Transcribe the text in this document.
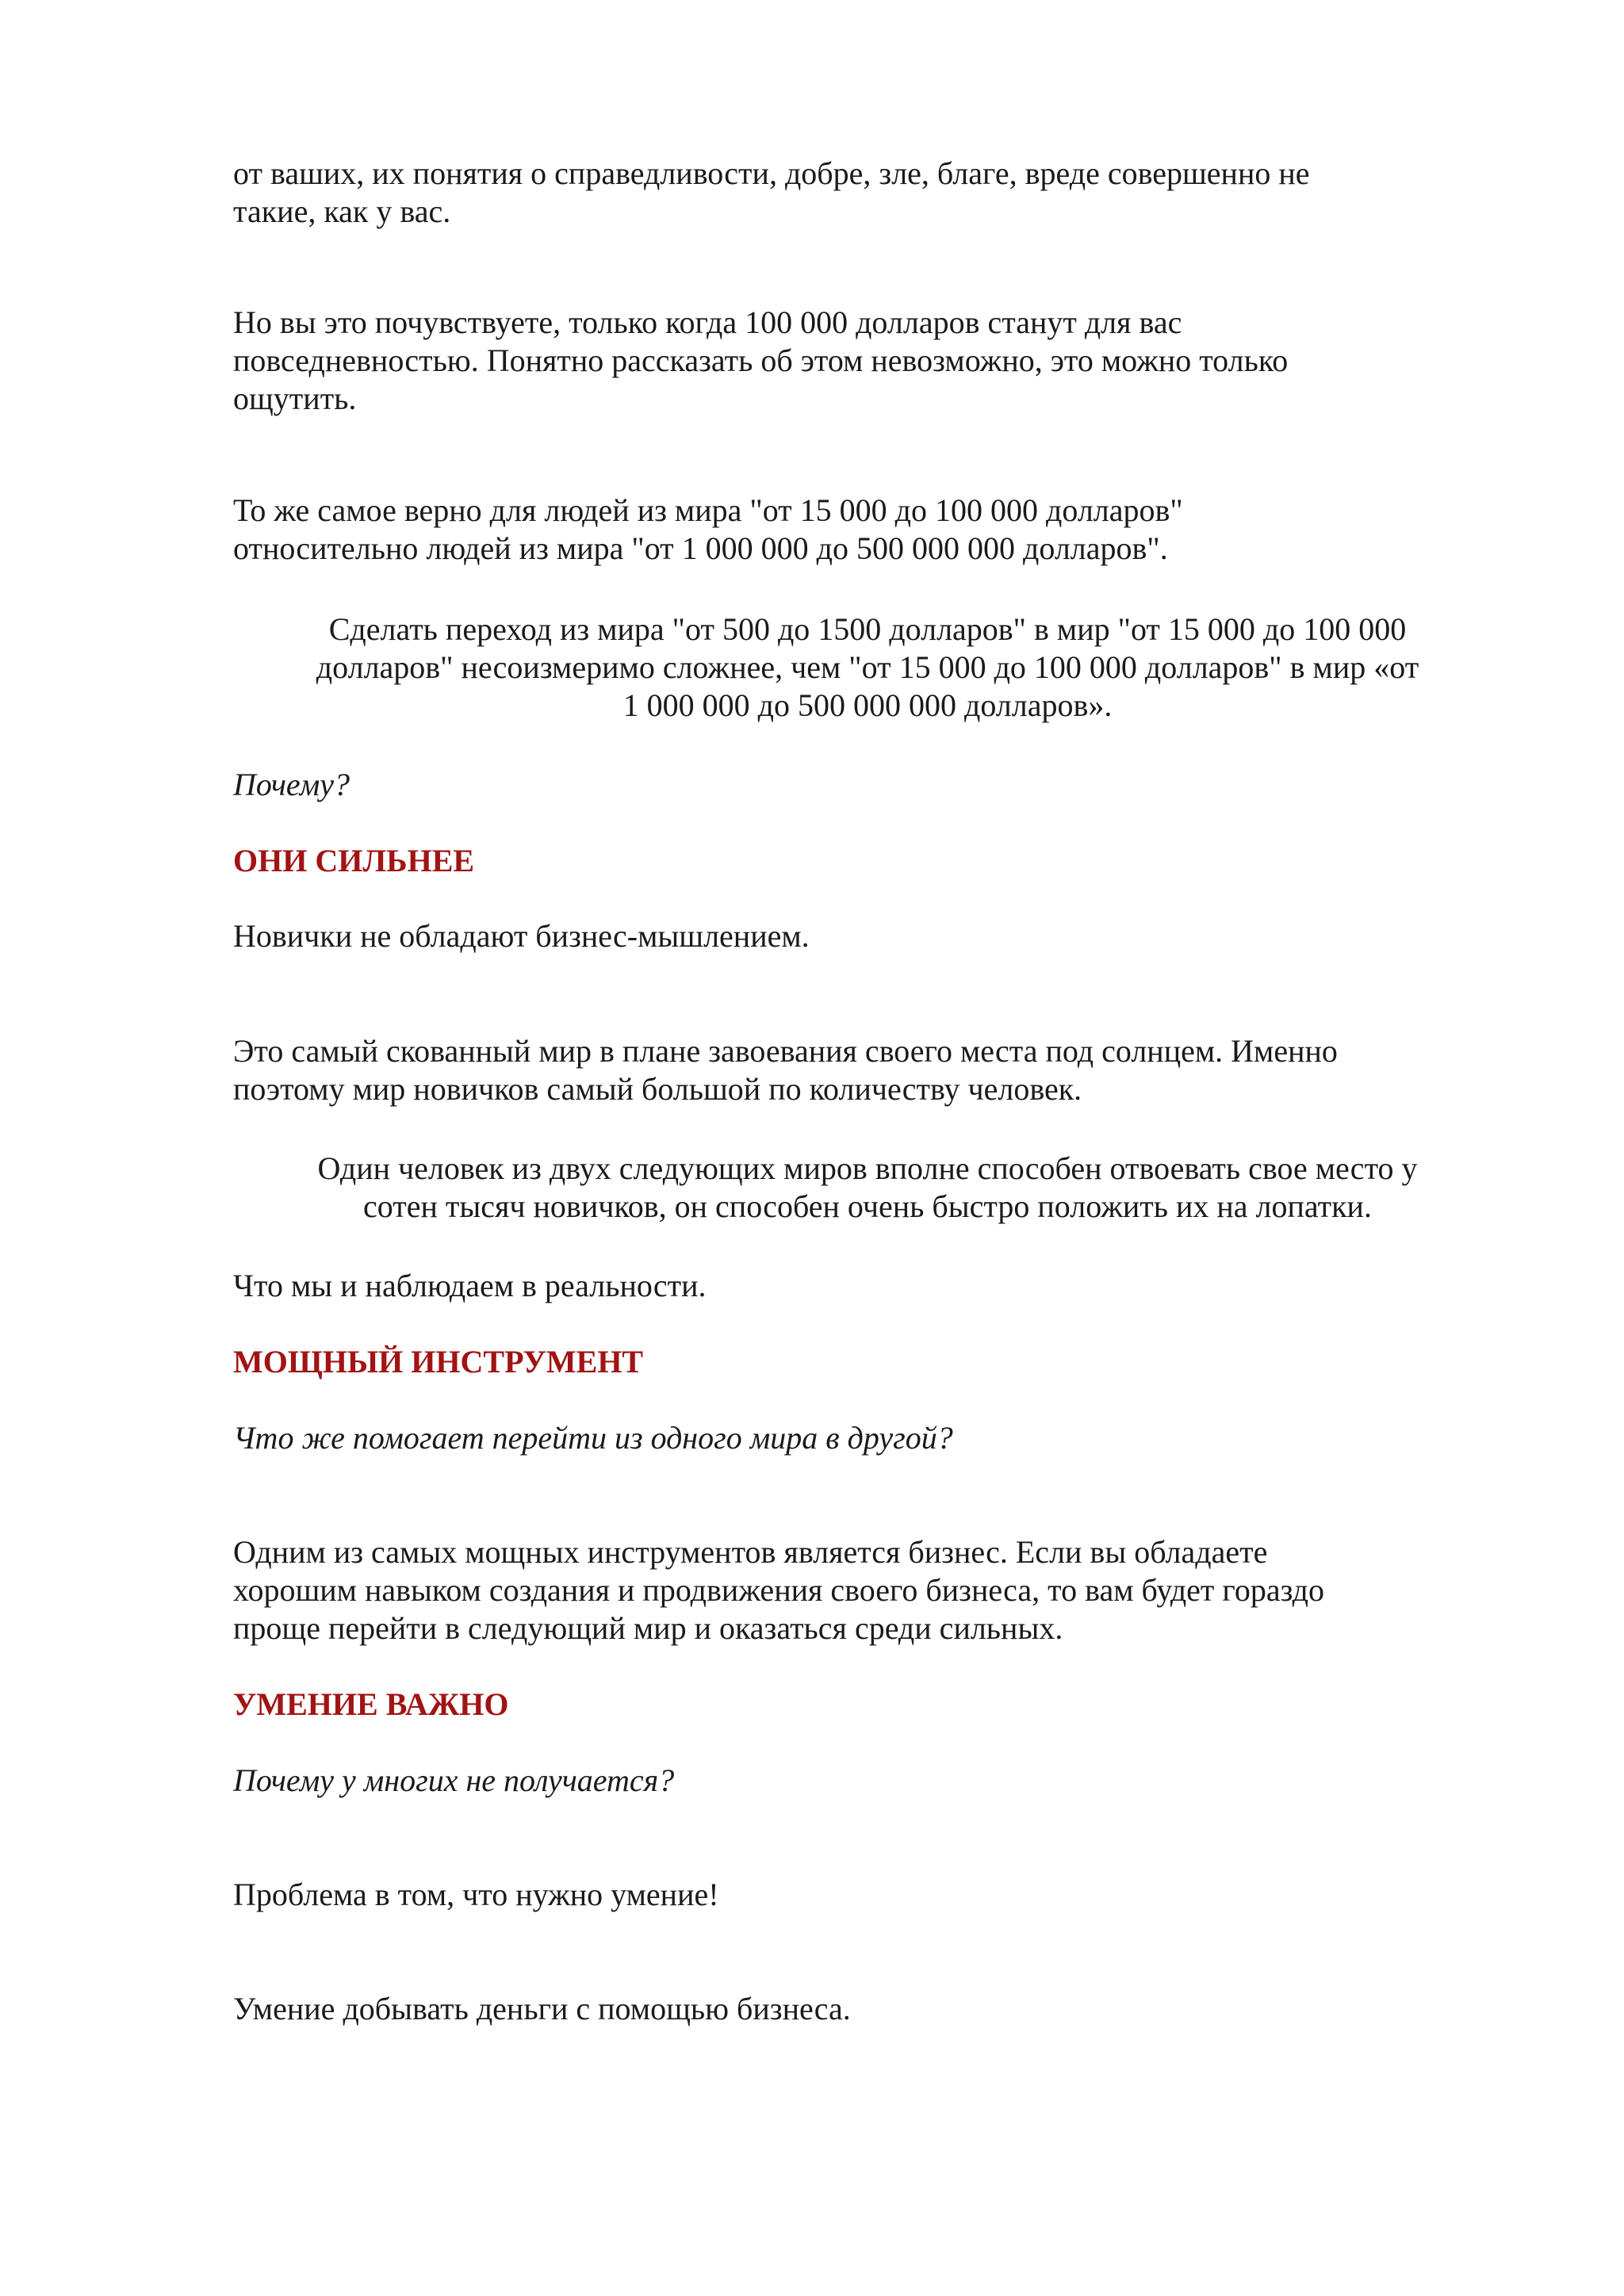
от ваших, их понятия о справедливости, добре, зле, благе, вреде совершенно не
такие, как у вас.

Но вы это почувствуете, только когда 100 000 долларов станут для вас
повседневностью. Понятно рассказать об этом невозможно, это можно только
ощутить.

То же самое верно для людей из мира "от 15 000 до 100 000 долларов"
относительно людей из мира "от 1 000 000 до 500 000 000 долларов".

Сделать переход из мира "от 500 до 1500 долларов" в мир "от 15 000 до 100 000
долларов" несоизмеримо сложнее, чем "от 15 000 до 100 000 долларов" в мир «от
1 000 000 до 500 000 000 долларов».

Почему?

ОНИ СИЛЬНЕЕ

Новички не обладают бизнес-мышлением.

Это самый скованный мир в плане завоевания своего места под солнцем. Именно
поэтому мир новичков самый большой по количеству человек.

Один человек из двух следующих миров вполне способен отвоевать свое место у
сотен тысяч новичков, он способен очень быстро положить их на лопатки.

Что мы и наблюдаем в реальности.

МОЩНЫЙ ИНСТРУМЕНТ

Что же помогает перейти из одного мира в другой?

Одним из самых мощных инструментов является бизнес. Если вы обладаете
хорошим навыком создания и продвижения своего бизнеса, то вам будет гораздо
проще перейти в следующий мир и оказаться среди сильных.

УМЕНИЕ ВАЖНО

Почему у многих не получается?

Проблема в том, что нужно умение!

Умение добывать деньги с помощью бизнеса.
